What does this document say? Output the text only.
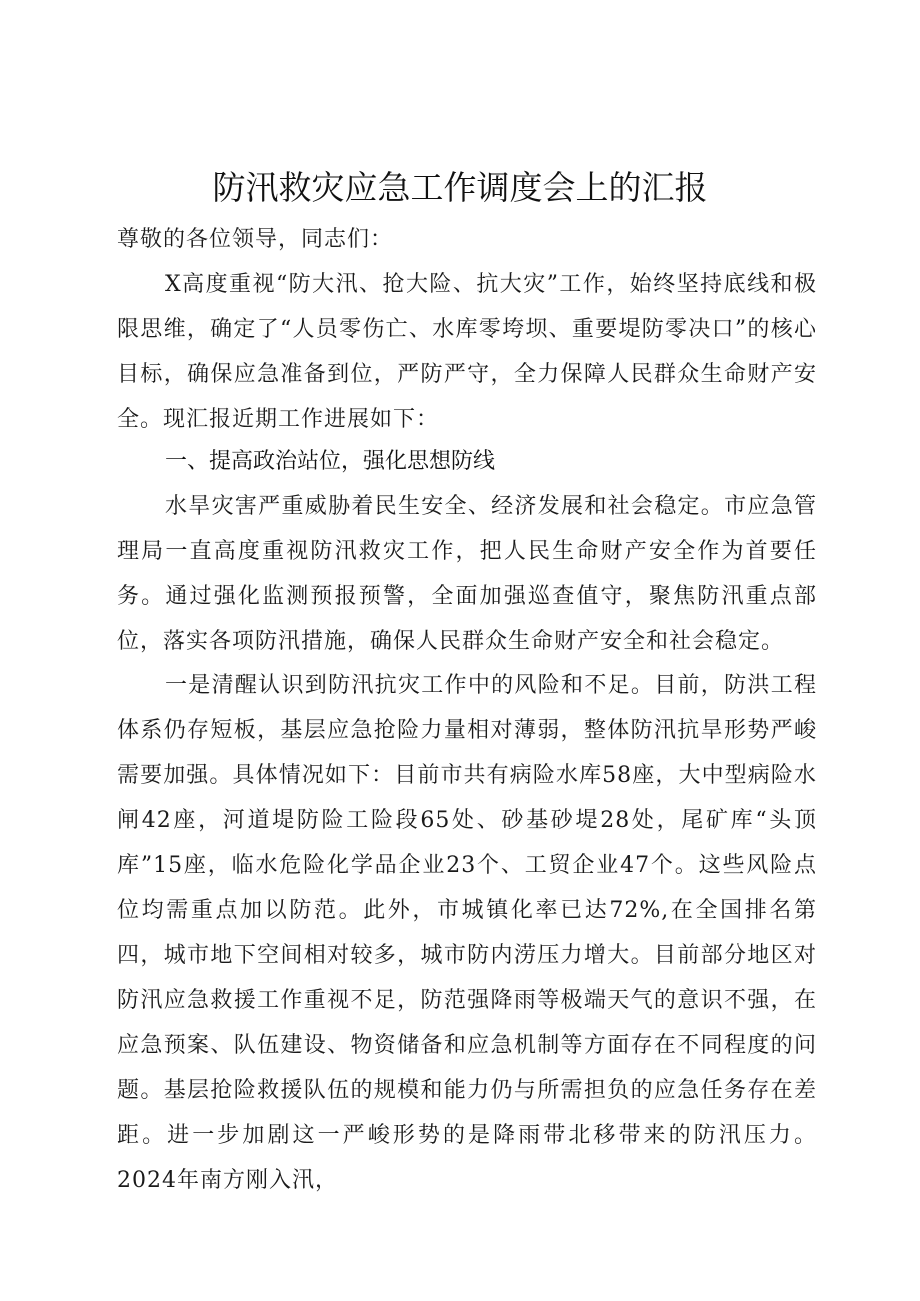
防汛救灾应急工作调度会上的汇报

尊敬的各位领导，同志们：

X高度重视“防大汛、抢大险、抗大灾”工作，始终坚持底线和极限思维，确定了“人员零伤亡、水库零垮坝、重要堤防零决口”的核心目标，确保应急准备到位，严防严守，全力保障人民群众生命财产安全。现汇报近期工作进展如下：

一、提高政治站位，强化思想防线

水旱灾害严重威胁着民生安全、经济发展和社会稳定。市应急管理局一直高度重视防汛救灾工作，把人民生命财产安全作为首要任务。通过强化监测预报预警，全面加强巡查值守，聚焦防汛重点部位，落实各项防汛措施，确保人民群众生命财产安全和社会稳定。

一是清醒认识到防汛抗灾工作中的风险和不足。目前，防洪工程体系仍存短板，基层应急抢险力量相对薄弱，整体防汛抗旱形势严峻需要加强。具体情况如下：目前市共有病险水库58座，大中型病险水闸42座，河道堤防险工险段65处、砂基砂堤28处，尾矿库“头顶库”15座，临水危险化学品企业23个、工贸企业47个。这些风险点位均需重点加以防范。此外，市城镇化率已达72%,在全国排名第四，城市地下空间相对较多，城市防内涝压力增大。目前部分地区对防汛应急救援工作重视不足，防范强降雨等极端天气的意识不强，在应急预案、队伍建设、物资储备和应急机制等方面存在不同程度的问题。基层抢险救援队伍的规模和能力仍与所需担负的应急任务存在差距。进一步加剧这一严峻形势的是降雨带北移带来的防汛压力。2024年南方刚入汛，
